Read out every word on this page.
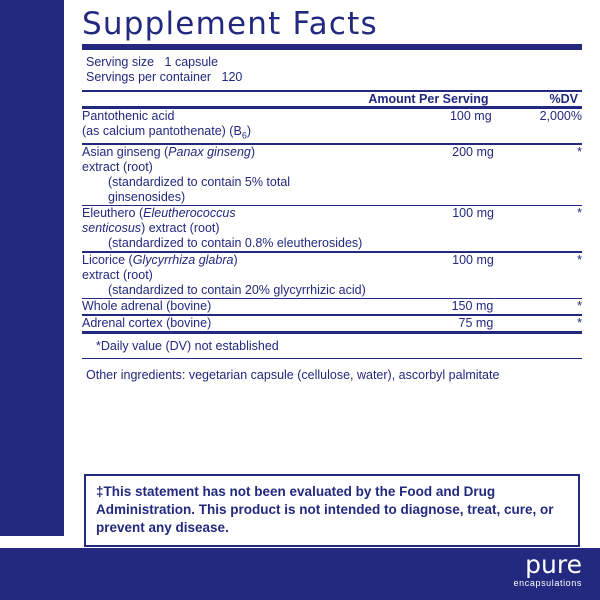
Supplement Facts
Serving size 1 capsule
Servings per container 120
	Amount Per Serving	%DV
Pantothenic acid
(as calcium pantothenate) $(B_6)$	100 mg	2,000%
Asian ginseng (Panax ginseng)
extract (root)

(standardized to contain 5% total ginsenosides)
	200 mg	*
Eleuthero (Eleutherococcus
senticosus) extract (root)

(standardized to contain 0.8% eleutherosides)
	100 mg	*
Licorice (Glycyrrhiza glabra)
extract (root)

(standardized to contain 20% glycyrrhizic acid)
	100 mg	*
Whole adrenal (bovine)	150 mg	*
Adrenal cortex (bovine)	75 mg	*
*Daily value (DV) not established
Other ingredients: vegetarian capsule (cellulose, water), ascorbyl palmitate
‡This statement has not been evaluated by the Food and Drug Administration. This product is not intended to diagnose, treat, cure, or prevent any disease.
pure
encapsulations
